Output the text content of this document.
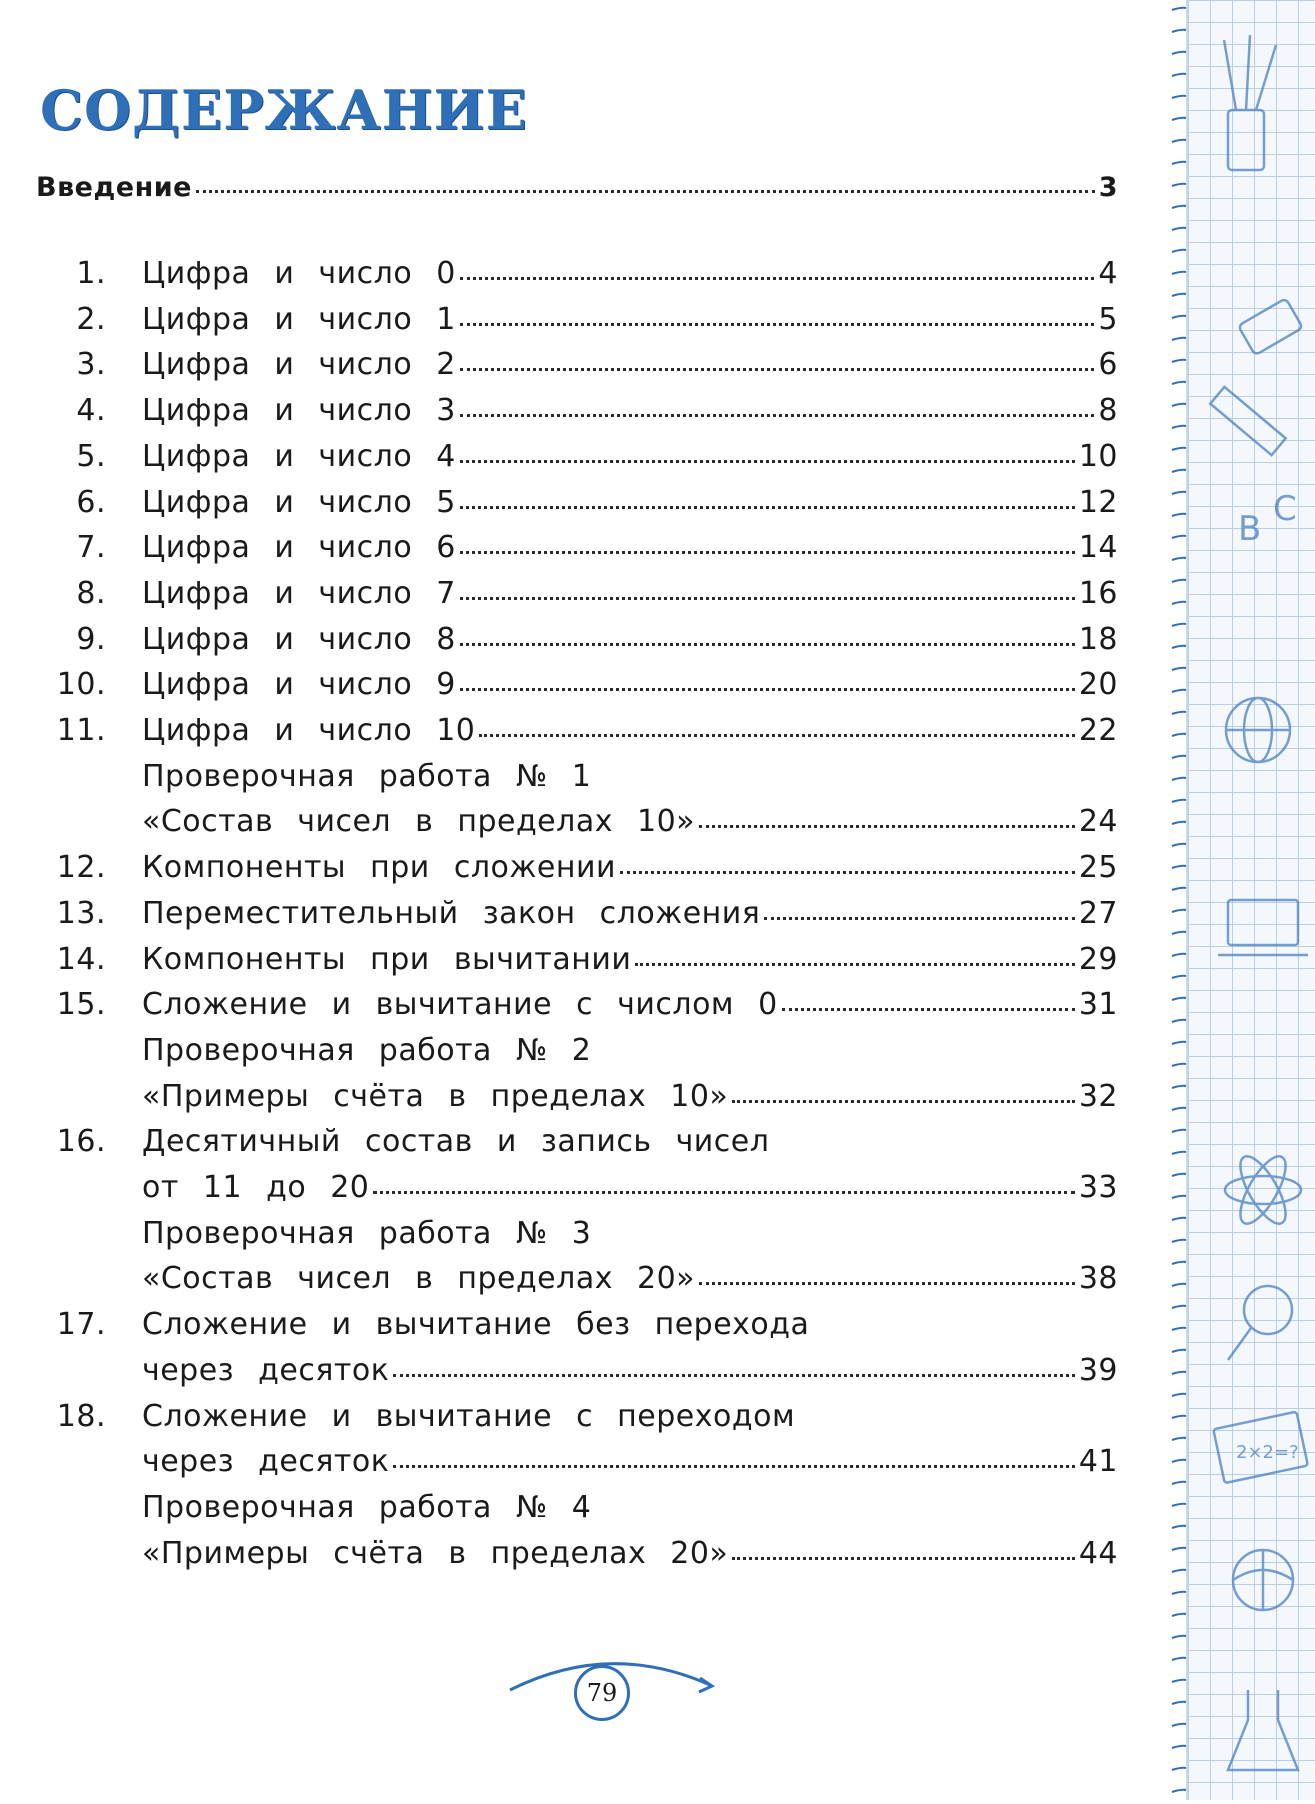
СОДЕРЖАНИЕ
Введение	3
1.	Цифра и число 0	4
2.	Цифра и число 1	5
3.	Цифра и число 2	6
4.	Цифра и число 3	8
5.	Цифра и число 4	10
6.	Цифра и число 5	12
7.	Цифра и число 6	14
8.	Цифра и число 7	16
9.	Цифра и число 8	18
10.	Цифра и число 9	20
11.	Цифра и число 10	22
Проверочная работа № 1
«Состав чисел в пределах 10»	24
12.	Компоненты при сложении	25
13.	Переместительный закон сложения	27
14.	Компоненты при вычитании	29
15.	Сложение и вычитание с числом 0	31
Проверочная работа № 2
«Примеры счёта в пределах 10»	32
16.	Десятичный состав и запись чисел
от 11 до 20	33
Проверочная работа № 3
«Состав чисел в пределах 20»	38
17.	Сложение и вычитание без перехода
через десяток	39
18.	Сложение и вычитание с переходом
через десяток	41
Проверочная работа № 4
«Примеры счёта в пределах 20»	44
B C
2×2=?
79
